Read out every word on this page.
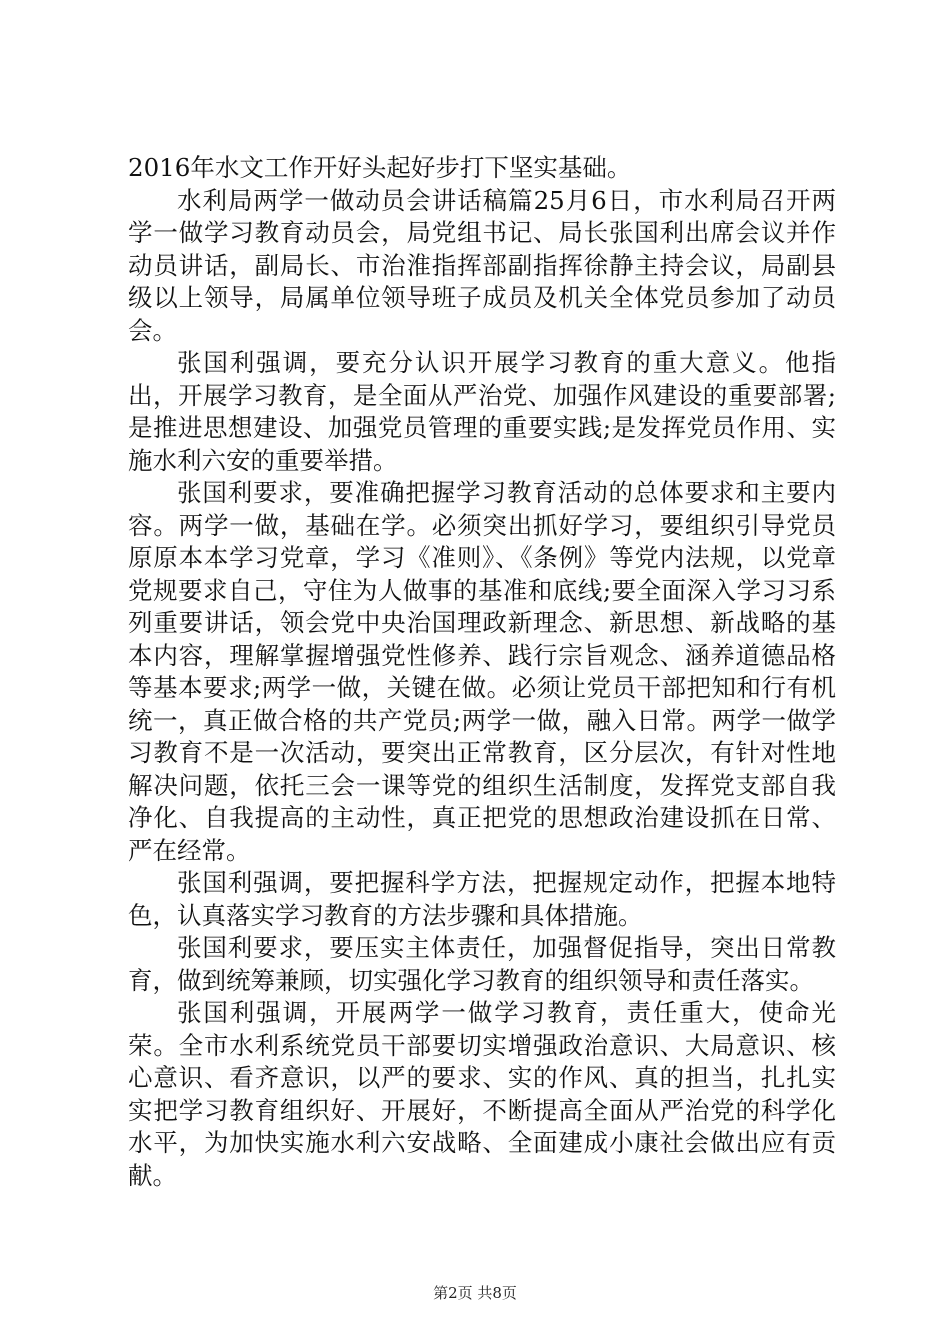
2016年水文工作开好头起好步打下坚实基础。

水利局两学一做动员会讲话稿篇25月6日，市水利局召开两学一做学习教育动员会，局党组书记、局长张国利出席会议并作动员讲话，副局长、市治淮指挥部副指挥徐静主持会议，局副县级以上领导，局属单位领导班子成员及机关全体党员参加了动员会。

张国利强调，要充分认识开展学习教育的重大意义。他指出，开展学习教育，是全面从严治党、加强作风建设的重要部署;是推进思想建设、加强党员管理的重要实践;是发挥党员作用、实施水利六安的重要举措。

张国利要求，要准确把握学习教育活动的总体要求和主要内容。两学一做，基础在学。必须突出抓好学习，要组织引导党员原原本本学习党章，学习《准则》、《条例》等党内法规，以党章党规要求自己，守住为人做事的基准和底线;要全面深入学习习系列重要讲话，领会党中央治国理政新理念、新思想、新战略的基本内容，理解掌握增强党性修养、践行宗旨观念、涵养道德品格等基本要求;两学一做，关键在做。必须让党员干部把知和行有机统一，真正做合格的共产党员;两学一做，融入日常。两学一做学习教育不是一次活动，要突出正常教育，区分层次，有针对性地解决问题，依托三会一课等党的组织生活制度，发挥党支部自我净化、自我提高的主动性，真正把党的思想政治建设抓在日常、严在经常。

张国利强调，要把握科学方法，把握规定动作，把握本地特色，认真落实学习教育的方法步骤和具体措施。

张国利要求，要压实主体责任，加强督促指导，突出日常教育，做到统筹兼顾，切实强化学习教育的组织领导和责任落实。

张国利强调，开展两学一做学习教育，责任重大，使命光荣。全市水利系统党员干部要切实增强政治意识、大局意识、核心意识、看齐意识，以严的要求、实的作风、真的担当，扎扎实实把学习教育组织好、开展好，不断提高全面从严治党的科学化水平，为加快实施水利六安战略、全面建成小康社会做出应有贡献。

第2页 共8页
